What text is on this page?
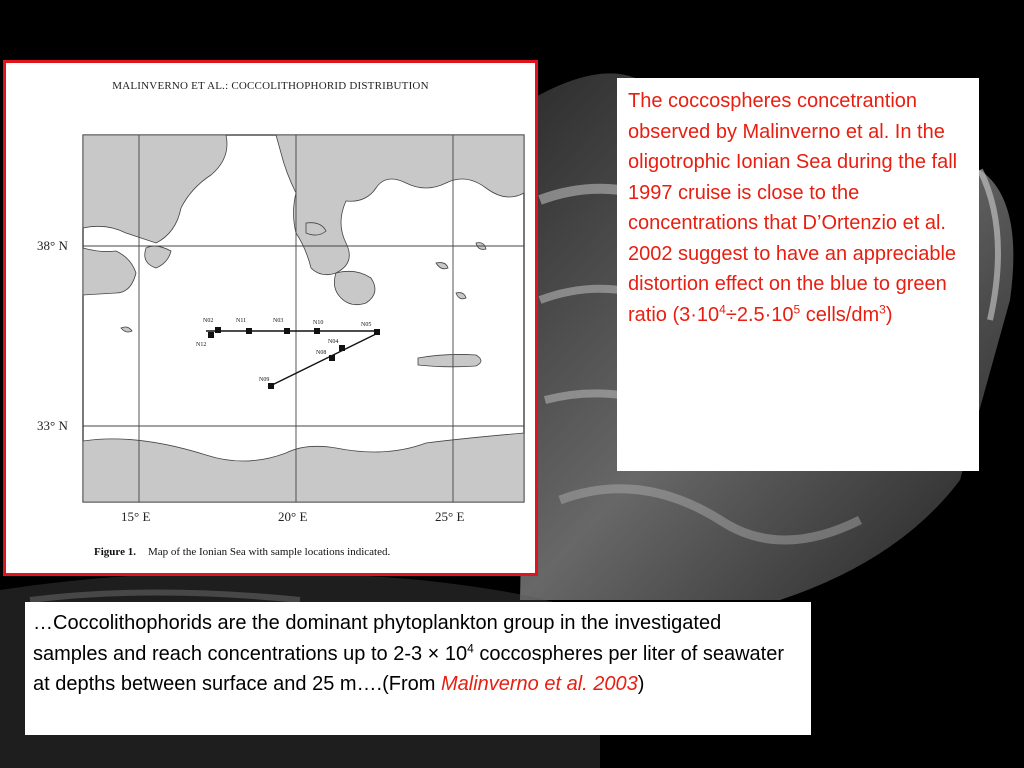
MALINVERNO ET AL.: COCCOLITHOPHORID DISTRIBUTION
N02	N11	N03	N10	N05
N04
N08
N09
N12
38° N
33° N
15° E	20° E	25° E
Figure 1. Map of the Ionian Sea with sample locations indicated.

The coccospheres concetrantion observed by Malinverno et al. In the oligotrophic Ionian Sea during the fall 1997 cruise is close to the concentrations that D’Ortenzio et al. 2002 suggest to have an appreciable distortion effect on the blue to green ratio ($3\cdot 10^4\div 2.5\cdot 10^5$ cells/$dm^3$)

…Coccolithophorids are the dominant phytoplankton group in the investigated samples and reach concentrations up to $2-3 \times 10^4$ coccospheres per liter of seawater at depths between surface and 25 m….(From Malinverno et al. 2003)
